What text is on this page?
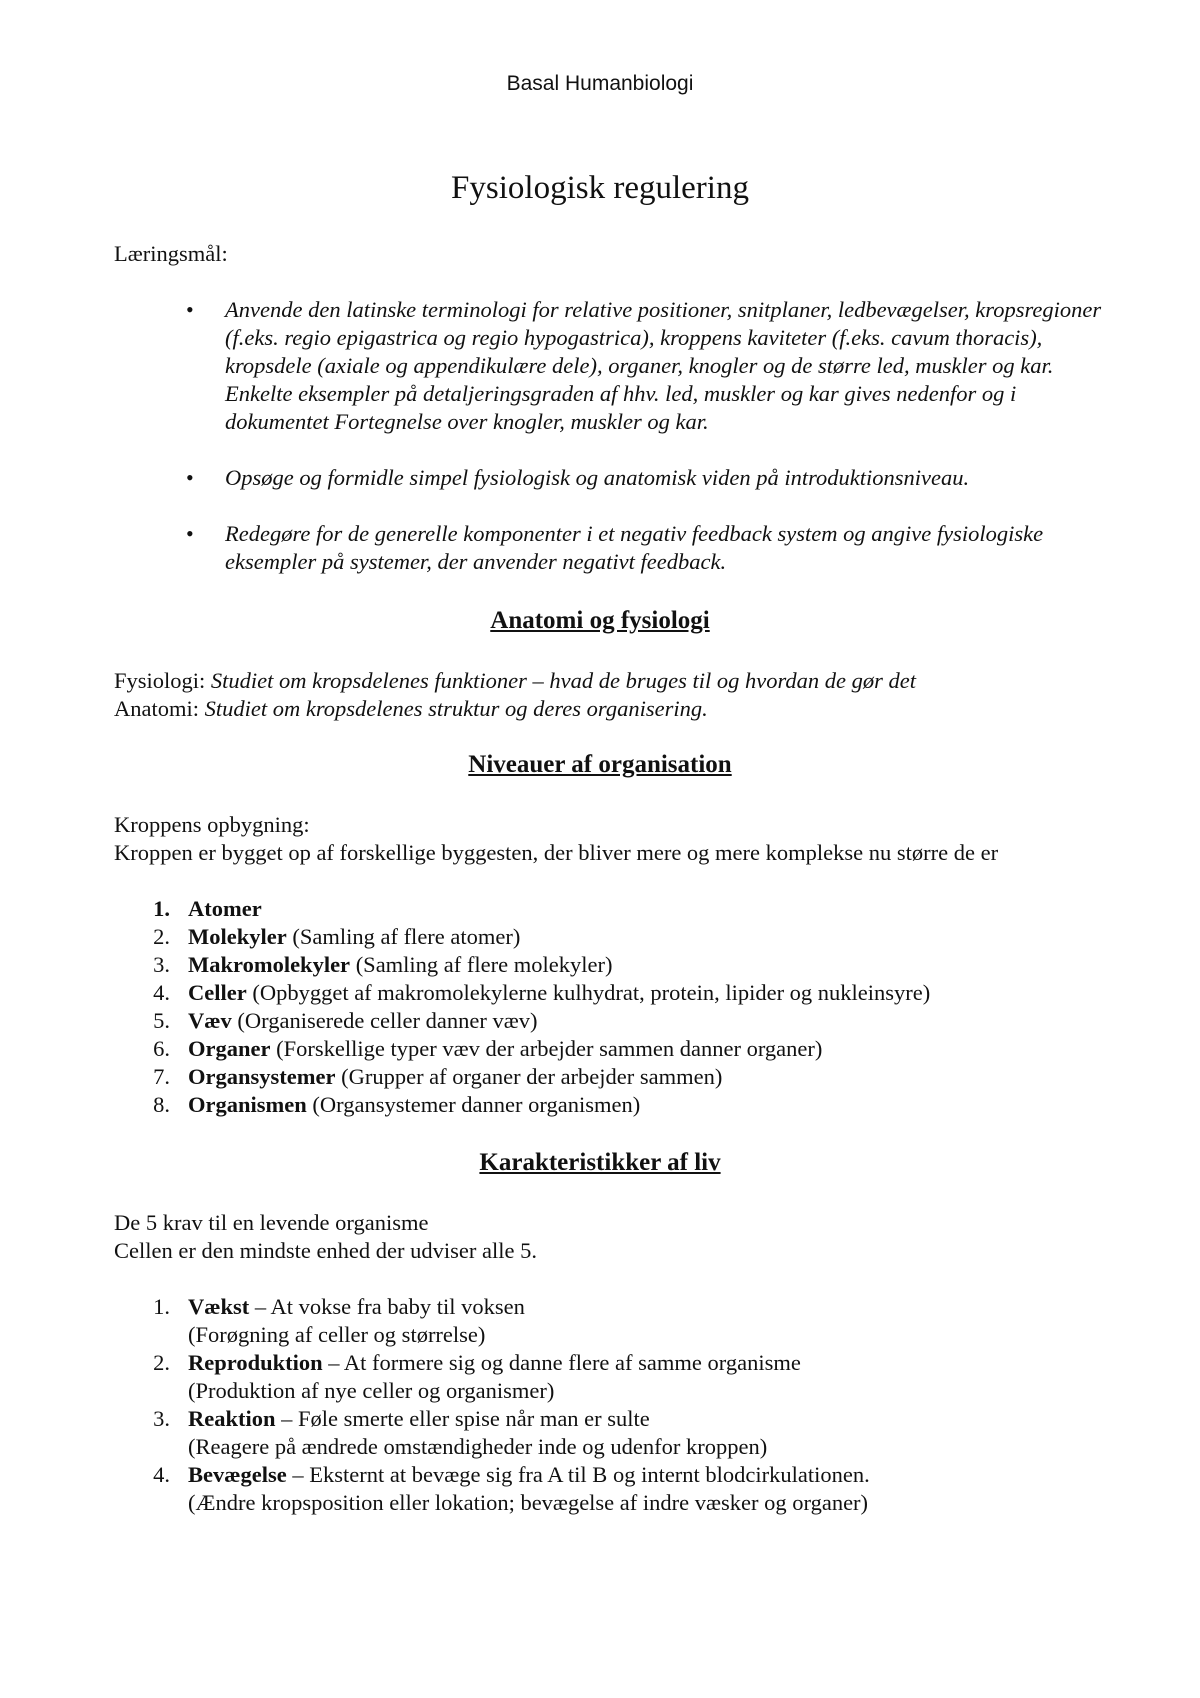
Basal Humanbiologi
Fysiologisk regulering
Læringsmål:
• Anvende den latinske terminologi for relative positioner, snitplaner, ledbevægelser, kropsregioner (f.eks. regio epigastrica og regio hypogastrica), kroppens kaviteter (f.eks. cavum thoracis), kropsdele (axiale og appendikulære dele), organer, knogler og de større led, muskler og kar. Enkelte eksempler på detaljeringsgraden af hhv. led, muskler og kar gives nedenfor og i dokumentet Fortegnelse over knogler, muskler og kar.
• Opsøge og formidle simpel fysiologisk og anatomisk viden på introduktionsniveau.
• Redegøre for de generelle komponenter i et negativ feedback system og angive fysiologiske eksempler på systemer, der anvender negativt feedback.
Anatomi og fysiologi
Fysiologi: Studiet om kropsdelenes funktioner – hvad de bruges til og hvordan de gør det
Anatomi: Studiet om kropsdelenes struktur og deres organisering.
Niveauer af organisation
Kroppens opbygning:
Kroppen er bygget op af forskellige byggesten, der bliver mere og mere komplekse nu større de er
1. Atomer
2. Molekyler (Samling af flere atomer)
3. Makromolekyler (Samling af flere molekyler)
4. Celler (Opbygget af makromolekylerne kulhydrat, protein, lipider og nukleinsyre)
5. Væv (Organiserede celler danner væv)
6. Organer (Forskellige typer væv der arbejder sammen danner organer)
7. Organsystemer (Grupper af organer der arbejder sammen)
8. Organismen (Organsystemer danner organismen)
Karakteristikker af liv
De 5 krav til en levende organisme
Cellen er den mindste enhed der udviser alle 5.
1. Vækst – At vokse fra baby til voksen
(Forøgning af celler og størrelse)
2. Reproduktion – At formere sig og danne flere af samme organisme
(Produktion af nye celler og organismer)
3. Reaktion – Føle smerte eller spise når man er sulte
(Reagere på ændrede omstændigheder inde og udenfor kroppen)
4. Bevægelse – Eksternt at bevæge sig fra A til B og internt blodcirkulationen.
(Ændre kropsposition eller lokation; bevægelse af indre væsker og organer)
